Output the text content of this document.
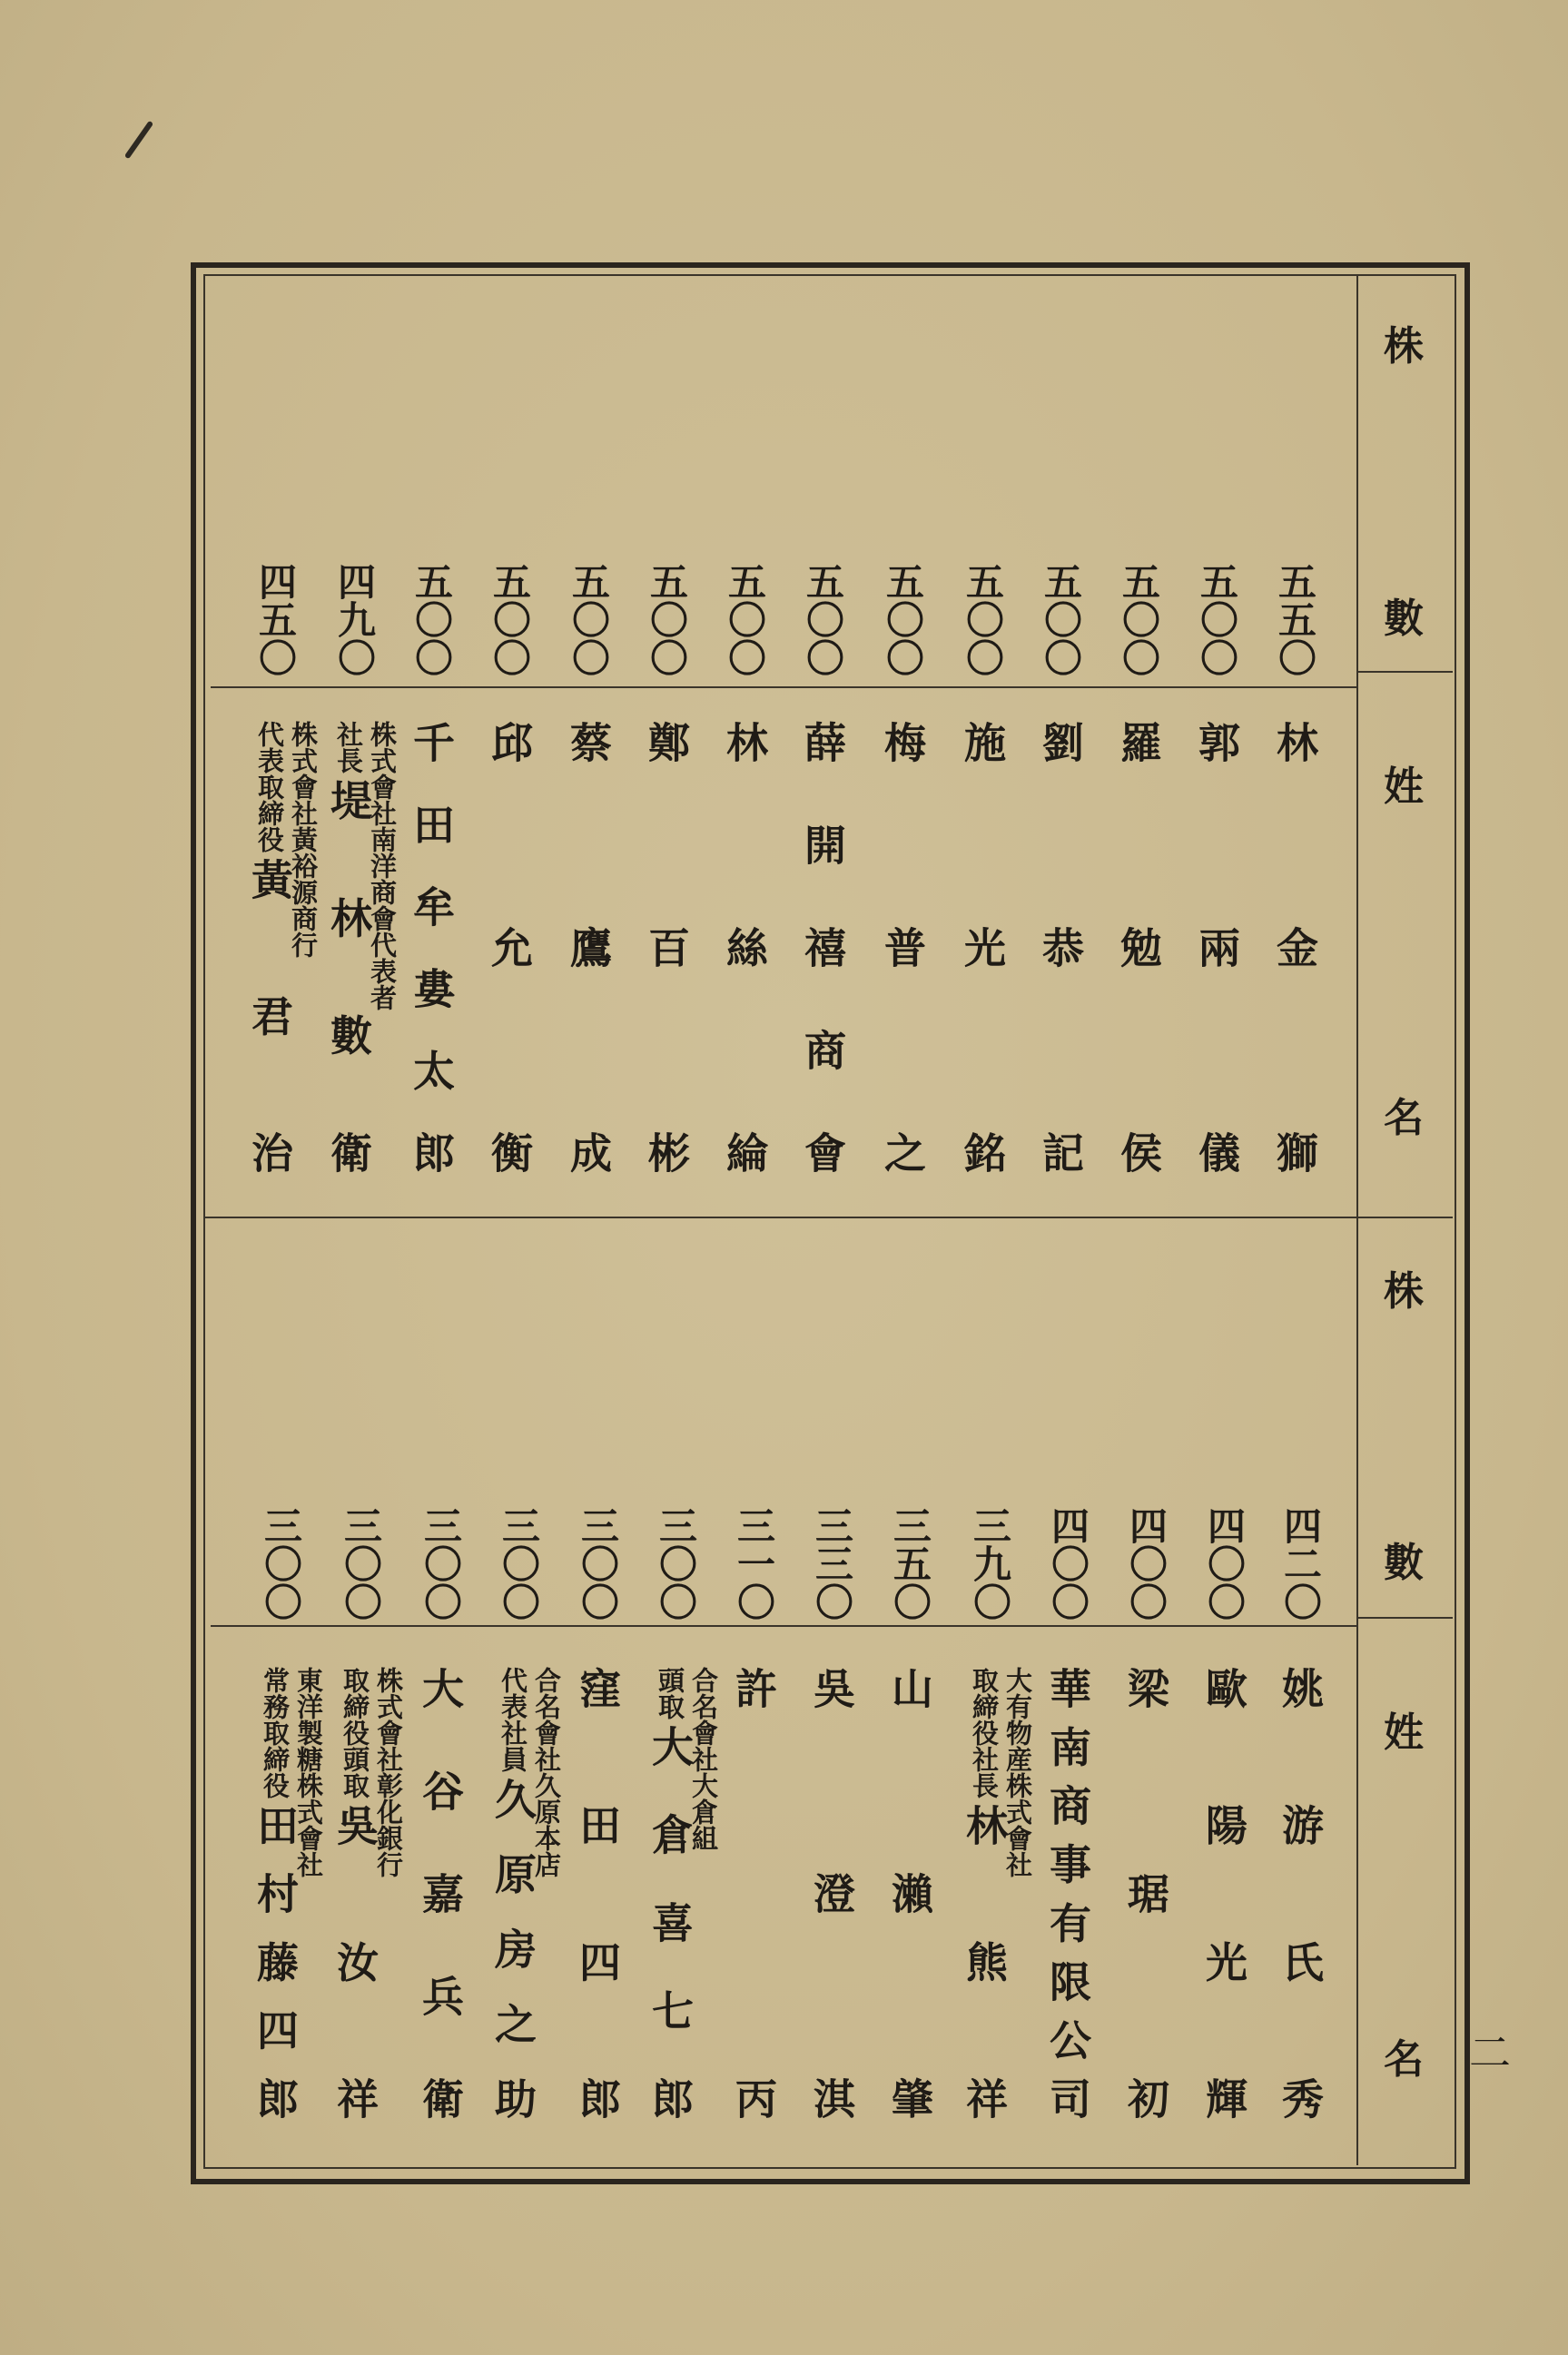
株
數
姓
名
株
數
姓
名	二
五五〇
林金獅
五〇〇
郭兩儀
五〇〇
羅勉侯
五〇〇
劉恭記
五〇〇
施光銘
五〇〇
梅普之
五〇〇
薛開禧商會
五〇〇
林絲綸
五〇〇
鄭百彬
五〇〇
蔡鷹成
五〇〇
邱允衡
五〇〇
千田牟婁太郎
四九〇
株式會社南洋商會代表者
社長
堤林數衛
四五〇
株式會社黃裕源商行
代表取締役
黃君治
四二〇
姚游氏秀
四〇〇
歐陽光輝
四〇〇
梁琚初
四〇〇
華南商事有限公司
三九〇
大有物産株式會社
取締役社長
林熊祥
三五〇
山瀨肇
三三〇
吳澄淇
三一〇
許丙
三〇〇
合名會社大倉組
頭取
大倉喜七郎
三〇〇
窪田四郎
三〇〇
合名會社久原本店
代表社員
久原房之助
三〇〇
大谷嘉兵衛
三〇〇
株式會社彰化銀行
取締役頭取
吳汝祥
三〇〇
東洋製糖株式會社
常務取締役
田村藤四郎
